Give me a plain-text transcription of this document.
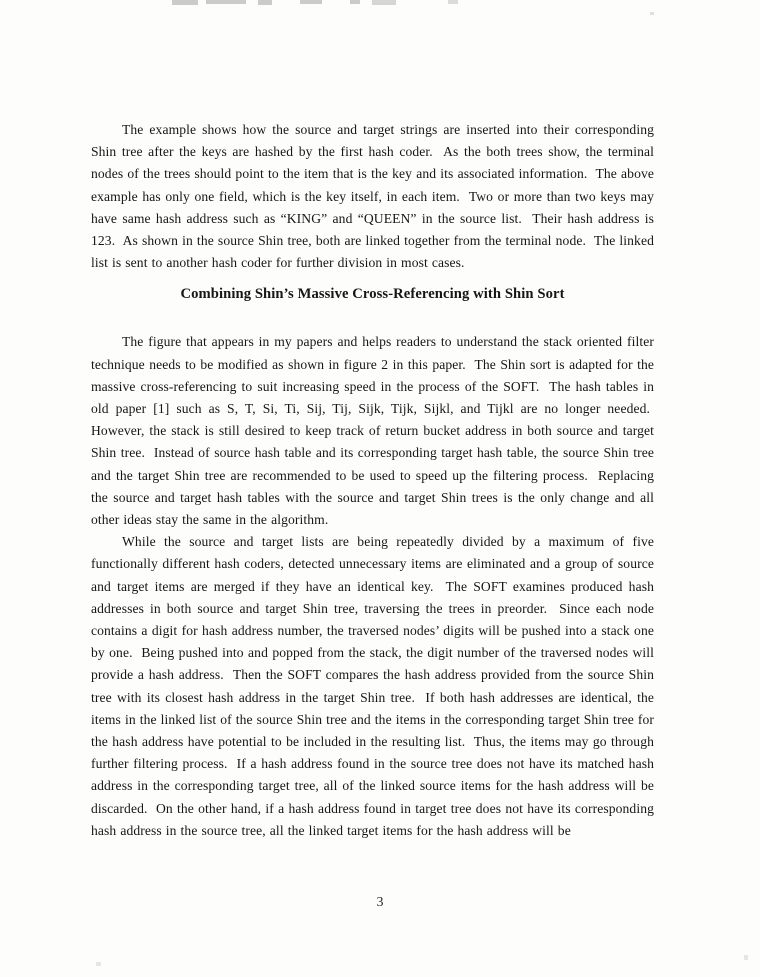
The example shows how the source and target strings are inserted into their corresponding Shin tree after the keys are hashed by the first hash coder.  As the both trees show, the terminal nodes of the trees should point to the item that is the key and its associated information.  The above example has only one field, which is the key itself, in each item.  Two or more than two keys may have same hash address such as “KING” and “QUEEN” in the source list.  Their hash address is 123.  As shown in the source Shin tree, both are linked together from the terminal node.  The linked list is sent to another hash coder for further division in most cases.

Combining Shin’s Massive Cross-Referencing with Shin Sort

The figure that appears in my papers and helps readers to understand the stack oriented filter technique needs to be modified as shown in figure 2 in this paper.  The Shin sort is adapted for the massive cross-referencing to suit increasing speed in the process of the SOFT.  The hash tables in old paper [1] such as S, T, Si, Ti, Sij, Tij, Sijk, Tijk, Sijkl, and Tijkl are no longer needed.  However, the stack is still desired to keep track of return bucket address in both source and target Shin tree.  Instead of source hash table and its corresponding target hash table, the source Shin tree and the target Shin tree are recommended to be used to speed up the filtering process.  Replacing the source and target hash tables with the source and target Shin trees is the only change and all other ideas stay the same in the algorithm.

While the source and target lists are being repeatedly divided by a maximum of five functionally different hash coders, detected unnecessary items are eliminated and a group of source and target items are merged if they have an identical key.  The SOFT examines produced hash addresses in both source and target Shin tree, traversing the trees in preorder.  Since each node contains a digit for hash address number, the traversed nodes’ digits will be pushed into a stack one by one.  Being pushed into and popped from the stack, the digit number of the traversed nodes will provide a hash address.  Then the SOFT compares the hash address provided from the source Shin tree with its closest hash address in the target Shin tree.  If both hash addresses are identical, the items in the linked list of the source Shin tree and the items in the corresponding target Shin tree for the hash address have potential to be included in the resulting list.  Thus, the items may go through further filtering process.  If a hash address found in the source tree does not have its matched hash address in the corresponding target tree, all of the linked source items for the hash address will be discarded.  On the other hand, if a hash address found in target tree does not have its corresponding hash address in the source tree, all the linked target items for the hash address will be

3
